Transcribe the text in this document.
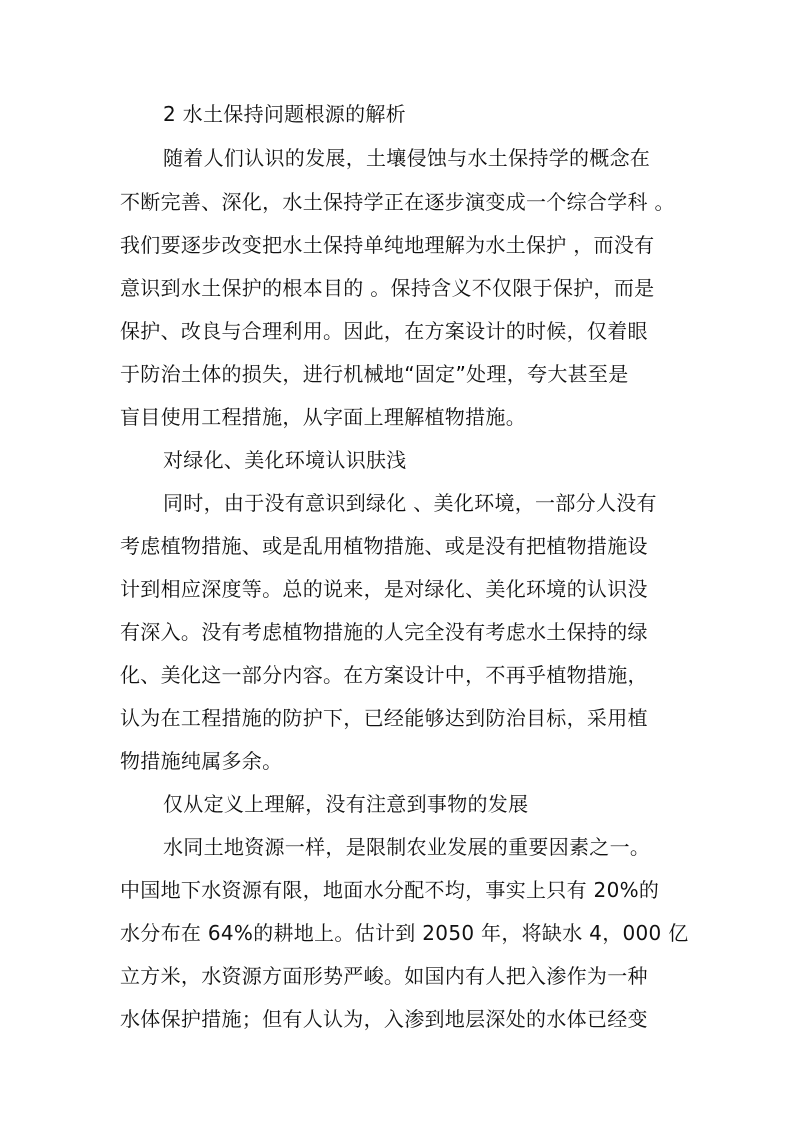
2 水土保持问题根源的解析
随着人们认识的发展，土壤侵蚀与水土保持学的概念在
不断完善、深化，水土保持学正在逐步演变成一个综合学科 。
我们要逐步改变把水土保持单纯地理解为水土保护 ，而没有
意识到水土保护的根本目的 。保持含义不仅限于保护，而是
保护、改良与合理利用。因此，在方案设计的时候，仅着眼
于防治土体的损失，进行机械地“固定”处理，夸大甚至是
盲目使用工程措施，从字面上理解植物措施。
对绿化、美化环境认识肤浅
同时，由于没有意识到绿化 、美化环境，一部分人没有
考虑植物措施、或是乱用植物措施、或是没有把植物措施设
计到相应深度等。总的说来，是对绿化、美化环境的认识没
有深入。没有考虑植物措施的人完全没有考虑水土保持的绿
化、美化这一部分内容。在方案设计中，不再乎植物措施，
认为在工程措施的防护下，已经能够达到防治目标，采用植
物措施纯属多余。
仅从定义上理解，没有注意到事物的发展
水同土地资源一样，是限制农业发展的重要因素之一。
中国地下水资源有限，地面水分配不均，事实上只有 20%的
水分布在 64%的耕地上。估计到 2050 年，将缺水 4，000 亿
立方米，水资源方面形势严峻。如国内有人把入渗作为一种
水体保护措施；但有人认为，入渗到地层深处的水体已经变
